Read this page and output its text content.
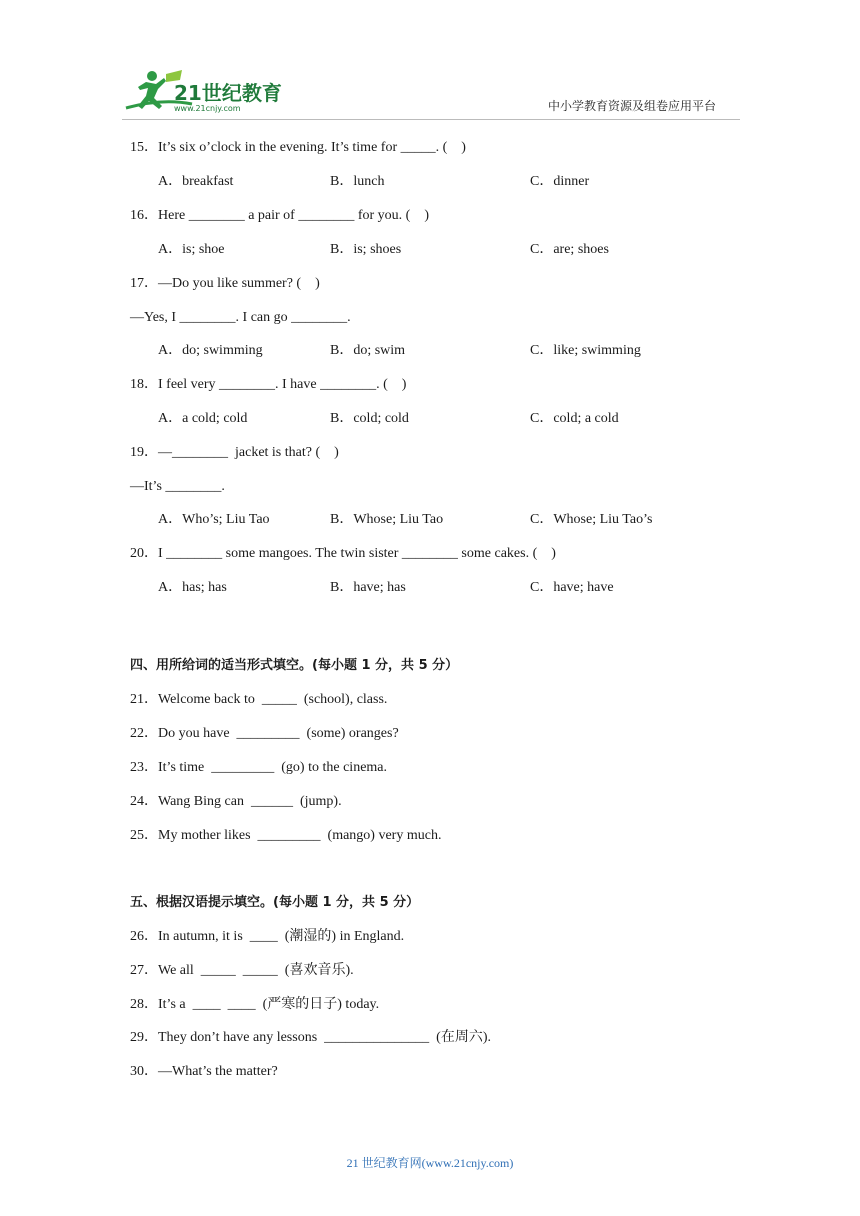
21世纪教育
www.21cnjy.com	中小学教育资源及组卷应用平台
15．It’s six o’clock in the evening. It’s time for _____. (    )
A．breakfast	B．lunch	C．dinner
16．Here ________ a pair of ________ for you. (    )
A．is; shoe	B．is; shoes	C．are; shoes
17．—Do you like summer? (    )
—Yes, I ________. I can go ________.
A．do; swimming	B．do; swim	C．like; swimming
18．I feel very ________. I have ________. (    )
A．a cold; cold	B．cold; cold	C．cold; a cold
19．—________  jacket is that? (    )
—It’s ________.
A．Who’s; Liu Tao	B．Whose; Liu Tao	C．Whose; Liu Tao’s
20．I ________ some mangoes. The twin sister ________ some cakes. (    )
A．has; has	B．have; has	C．have; have
四、用所给词的适当形式填空。(每小题 1 分，共 5 分）
21．Welcome back to  _____  (school), class.
22．Do you have  _________  (some) oranges?
23．It’s time  _________  (go) to the cinema.
24．Wang Bing can  ______  (jump).
25．My mother likes  _________  (mango) very much.
五、根据汉语提示填空。(每小题 1 分，共 5 分）
26．In autumn, it is  ____  (潮湿的) in England.
27．We all  _____  _____  (喜欢音乐).
28．It’s a  ____  ____  (严寒的日子) today.
29．They don’t have any lessons  _______________  (在周六).
30．—What’s the matter?
21 世纪教育网(www.21cnjy.com)
